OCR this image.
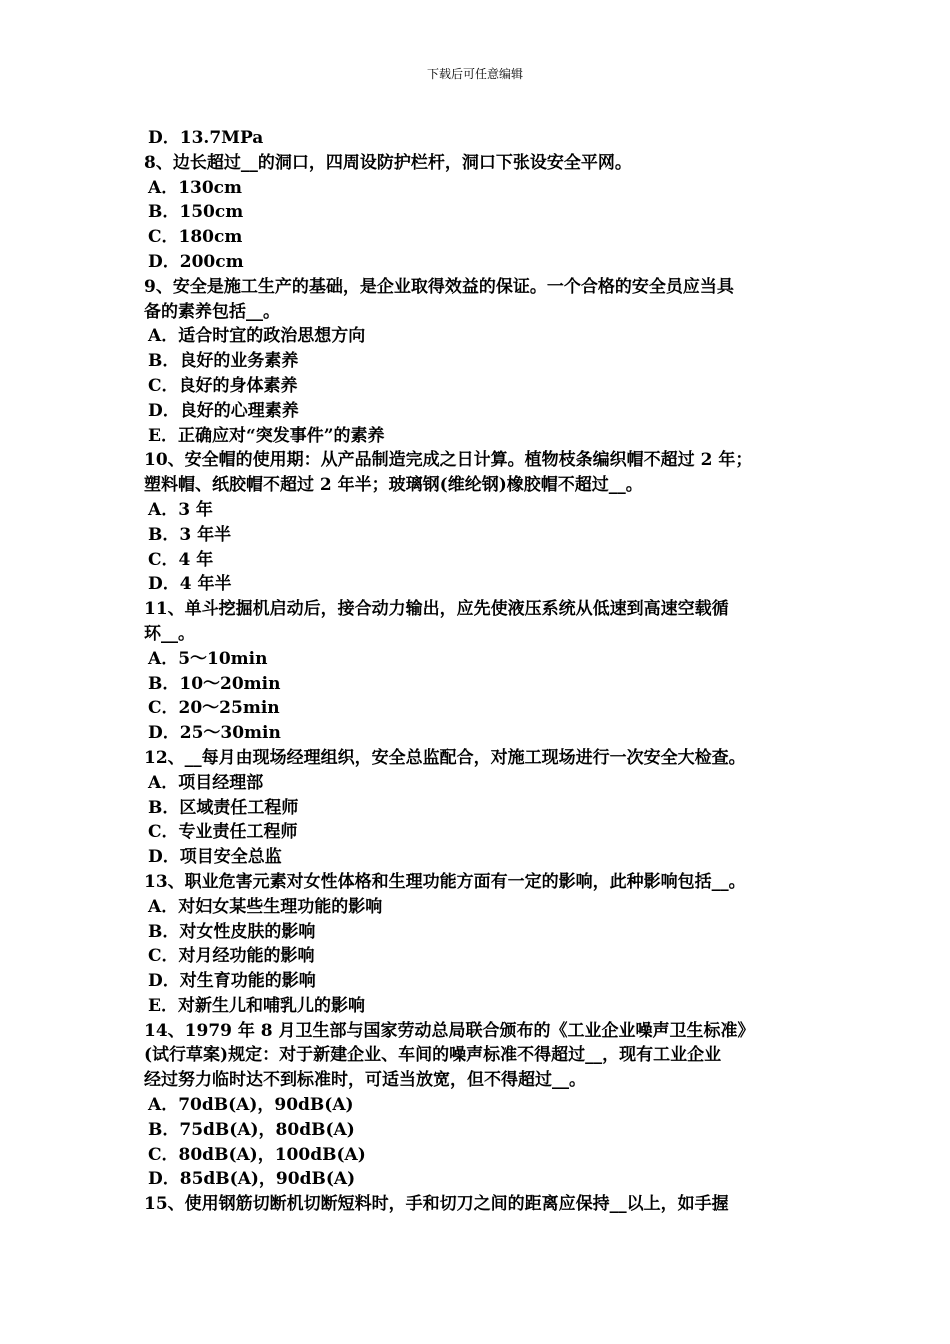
下载后可任意编辑
D．13.7MPa
8、边长超过__的洞口，四周设防护栏杆，洞口下张设安全平网。
A．130cm
B．150cm
C．180cm
D．200cm
9、安全是施工生产的基础，是企业取得效益的保证。一个合格的安全员应当具
备的素养包括__。
A．适合时宜的政治思想方向
B．良好的业务素养
C．良好的身体素养
D．良好的心理素养
E．正确应对“突发事件”的素养
10、安全帽的使用期：从产品制造完成之日计算。植物枝条编织帽不超过 2 年；
塑料帽、纸胶帽不超过 2 年半；玻璃钢(维纶钢)橡胶帽不超过__。
A．3 年
B．3 年半
C．4 年
D．4 年半
11、单斗挖掘机启动后，接合动力输出，应先使液压系统从低速到高速空载循
环__。
A．5～10min
B．10～20min
C．20～25min
D．25～30min
12、__每月由现场经理组织，安全总监配合，对施工现场进行一次安全大检查。
A．项目经理部
B．区域责任工程师
C．专业责任工程师
D．项目安全总监
13、职业危害元素对女性体格和生理功能方面有一定的影响，此种影响包括__。
A．对妇女某些生理功能的影响
B．对女性皮肤的影响
C．对月经功能的影响
D．对生育功能的影响
E．对新生儿和哺乳儿的影响
14、1979 年 8 月卫生部与国家劳动总局联合颁布的《工业企业噪声卫生标准》
(试行草案)规定：对于新建企业、车间的噪声标准不得超过__，现有工业企业
经过努力临时达不到标准时，可适当放宽，但不得超过__。
A．70dB(A)，90dB(A)
B．75dB(A)，80dB(A)
C．80dB(A)，100dB(A)
D．85dB(A)，90dB(A)
15、使用钢筋切断机切断短料时，手和切刀之间的距离应保持__以上，如手握
